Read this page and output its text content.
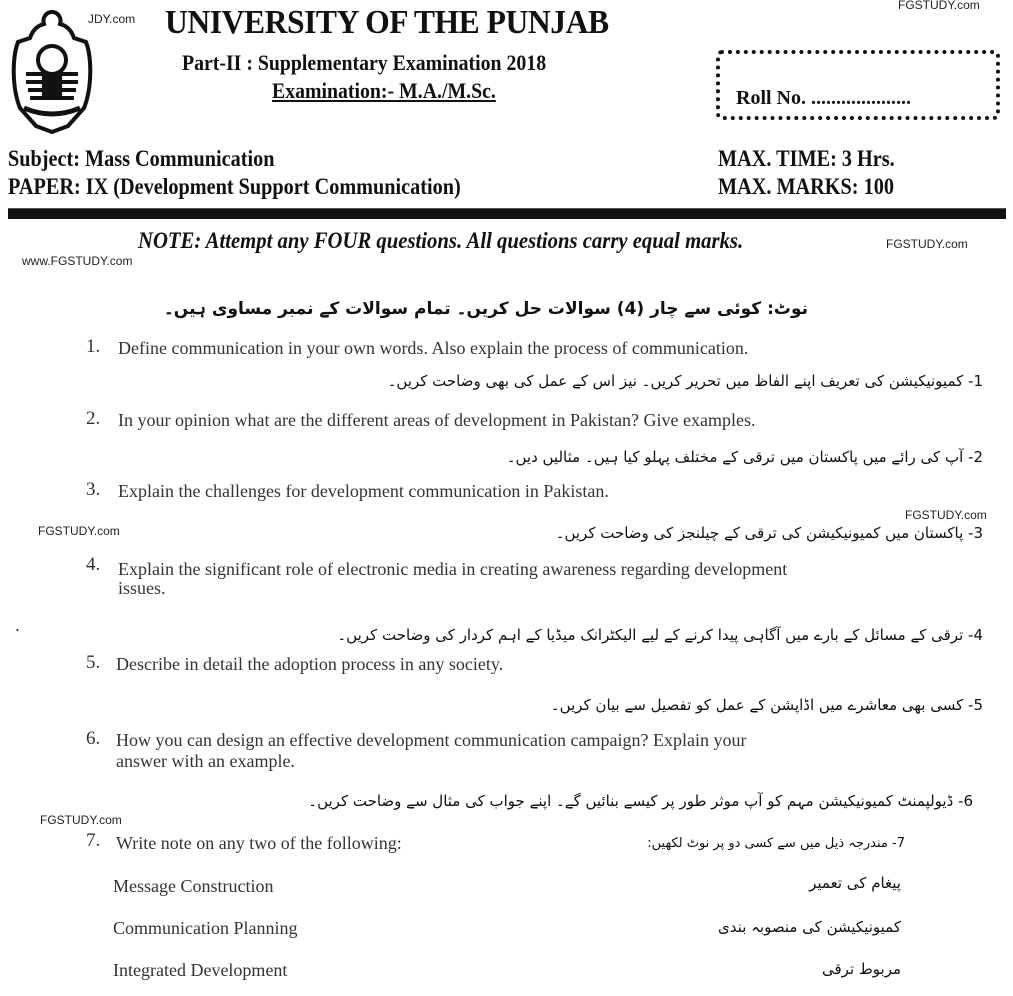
JDY.com
FGSTUDY.com
UNIVERSITY OF THE PUNJAB
Part-II : Supplementary Examination 2018
Examination:- M.A./M.Sc.	Roll No. ....................
Subject: Mass Communication
PAPER: IX (Development Support Communication)
MAX. TIME: 3 Hrs.
MAX. MARKS: 100
NOTE: Attempt any FOUR questions. All questions carry equal marks.	FGSTUDY.com
www.FGSTUDY.com
نوٹ: کوئی سے چار (4) سوالات حل کریں۔ تمام سوالات کے نمبر مساوی ہیں۔
1. Define communication in your own words. Also explain the process of communication.
1- کمیونیکیشن کی تعریف اپنے الفاظ میں تحریر کریں۔ نیز اس کے عمل کی بھی وضاحت کریں۔
2. In your opinion what are the different areas of development in Pakistan? Give examples.
2- آپ کی رائے میں پاکستان میں ترقی کے مختلف پہلو کیا ہیں۔ مثالیں دیں۔
3. Explain the challenges for development communication in Pakistan.
FGSTUDY.com
FGSTUDY.com	3- پاکستان میں کمیونیکیشن کی ترقی کے چیلنجز کی وضاحت کریں۔
4. Explain the significant role of electronic media in creating awareness regarding development
issues.
4- ترقی کے مسائل کے بارے میں آگاہی پیدا کرنے کے لیے الیکٹرانک میڈیا کے اہم کردار کی وضاحت کریں۔
5. Describe in detail the adoption process in any society.
5- کسی بھی معاشرے میں اڈاپشن کے عمل کو تفصیل سے بیان کریں۔
6. How you can design an effective development communication campaign? Explain your
answer with an example.
6- ڈیولپمنٹ کمیونیکیشن مہم کو آپ موثر طور پر کیسے بنائیں گے۔ اپنے جواب کی مثال سے وضاحت کریں۔
FGSTUDY.com
7. Write note on any two of the following:	7- مندرجہ ذیل میں سے کسی دو پر نوٹ لکھیں:
Message Construction	پیغام کی تعمیر
Communication Planning	کمیونیکیشن کی منصوبہ بندی
Integrated Development	مربوط ترقی
•
